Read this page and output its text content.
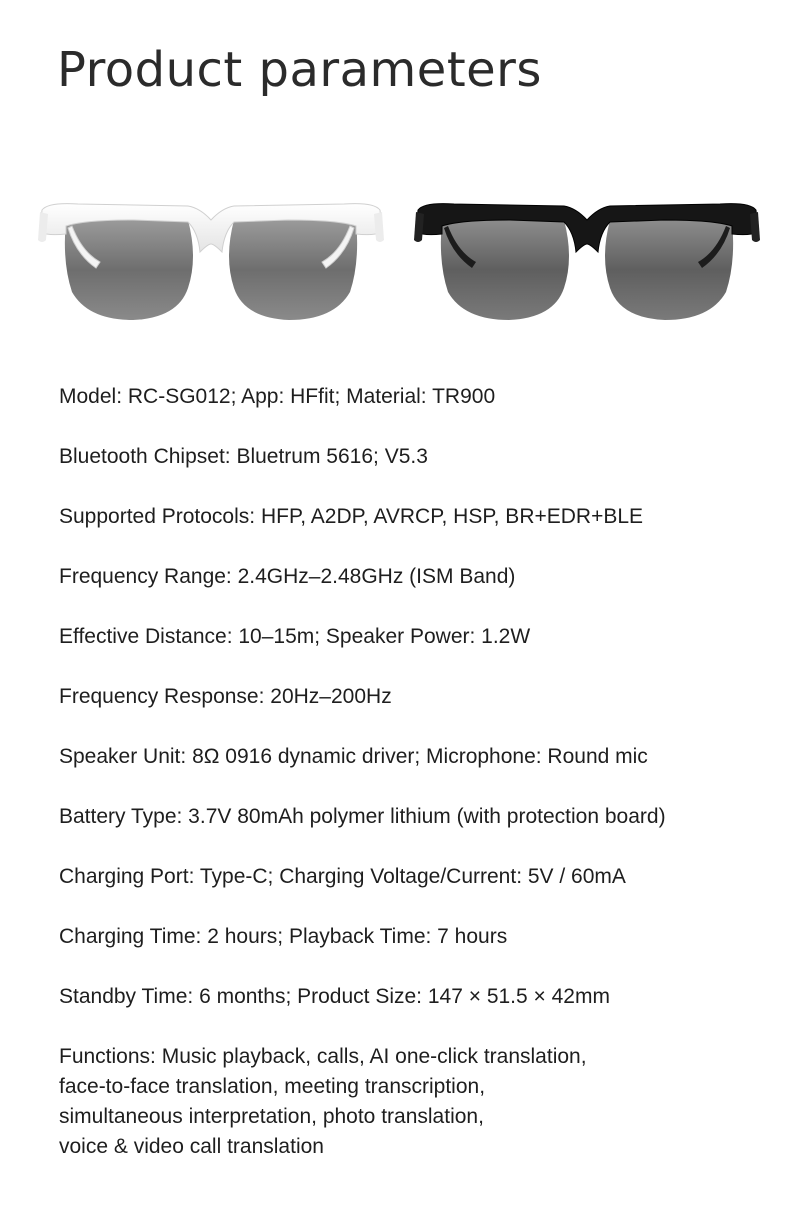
Product parameters
Model: RC-SG012; App: HFfit; Material: TR900
Bluetooth Chipset: Bluetrum 5616; V5.3
Supported Protocols: HFP, A2DP, AVRCP, HSP, BR+EDR+BLE
Frequency Range: 2.4GHz–2.48GHz (ISM Band)
Effective Distance: 10–15m; Speaker Power: 1.2W
Frequency Response: 20Hz–200Hz
Speaker Unit: 8Ω 0916 dynamic driver; Microphone: Round mic
Battery Type: 3.7V 80mAh polymer lithium (with protection board)
Charging Port: Type-C; Charging Voltage/Current: 5V / 60mA
Charging Time: 2 hours; Playback Time: 7 hours
Standby Time: 6 months; Product Size: 147 × 51.5 × 42mm
Functions: Music playback, calls, AI one-click translation,
face-to-face translation, meeting transcription,
simultaneous interpretation, photo translation,
voice & video call translation
